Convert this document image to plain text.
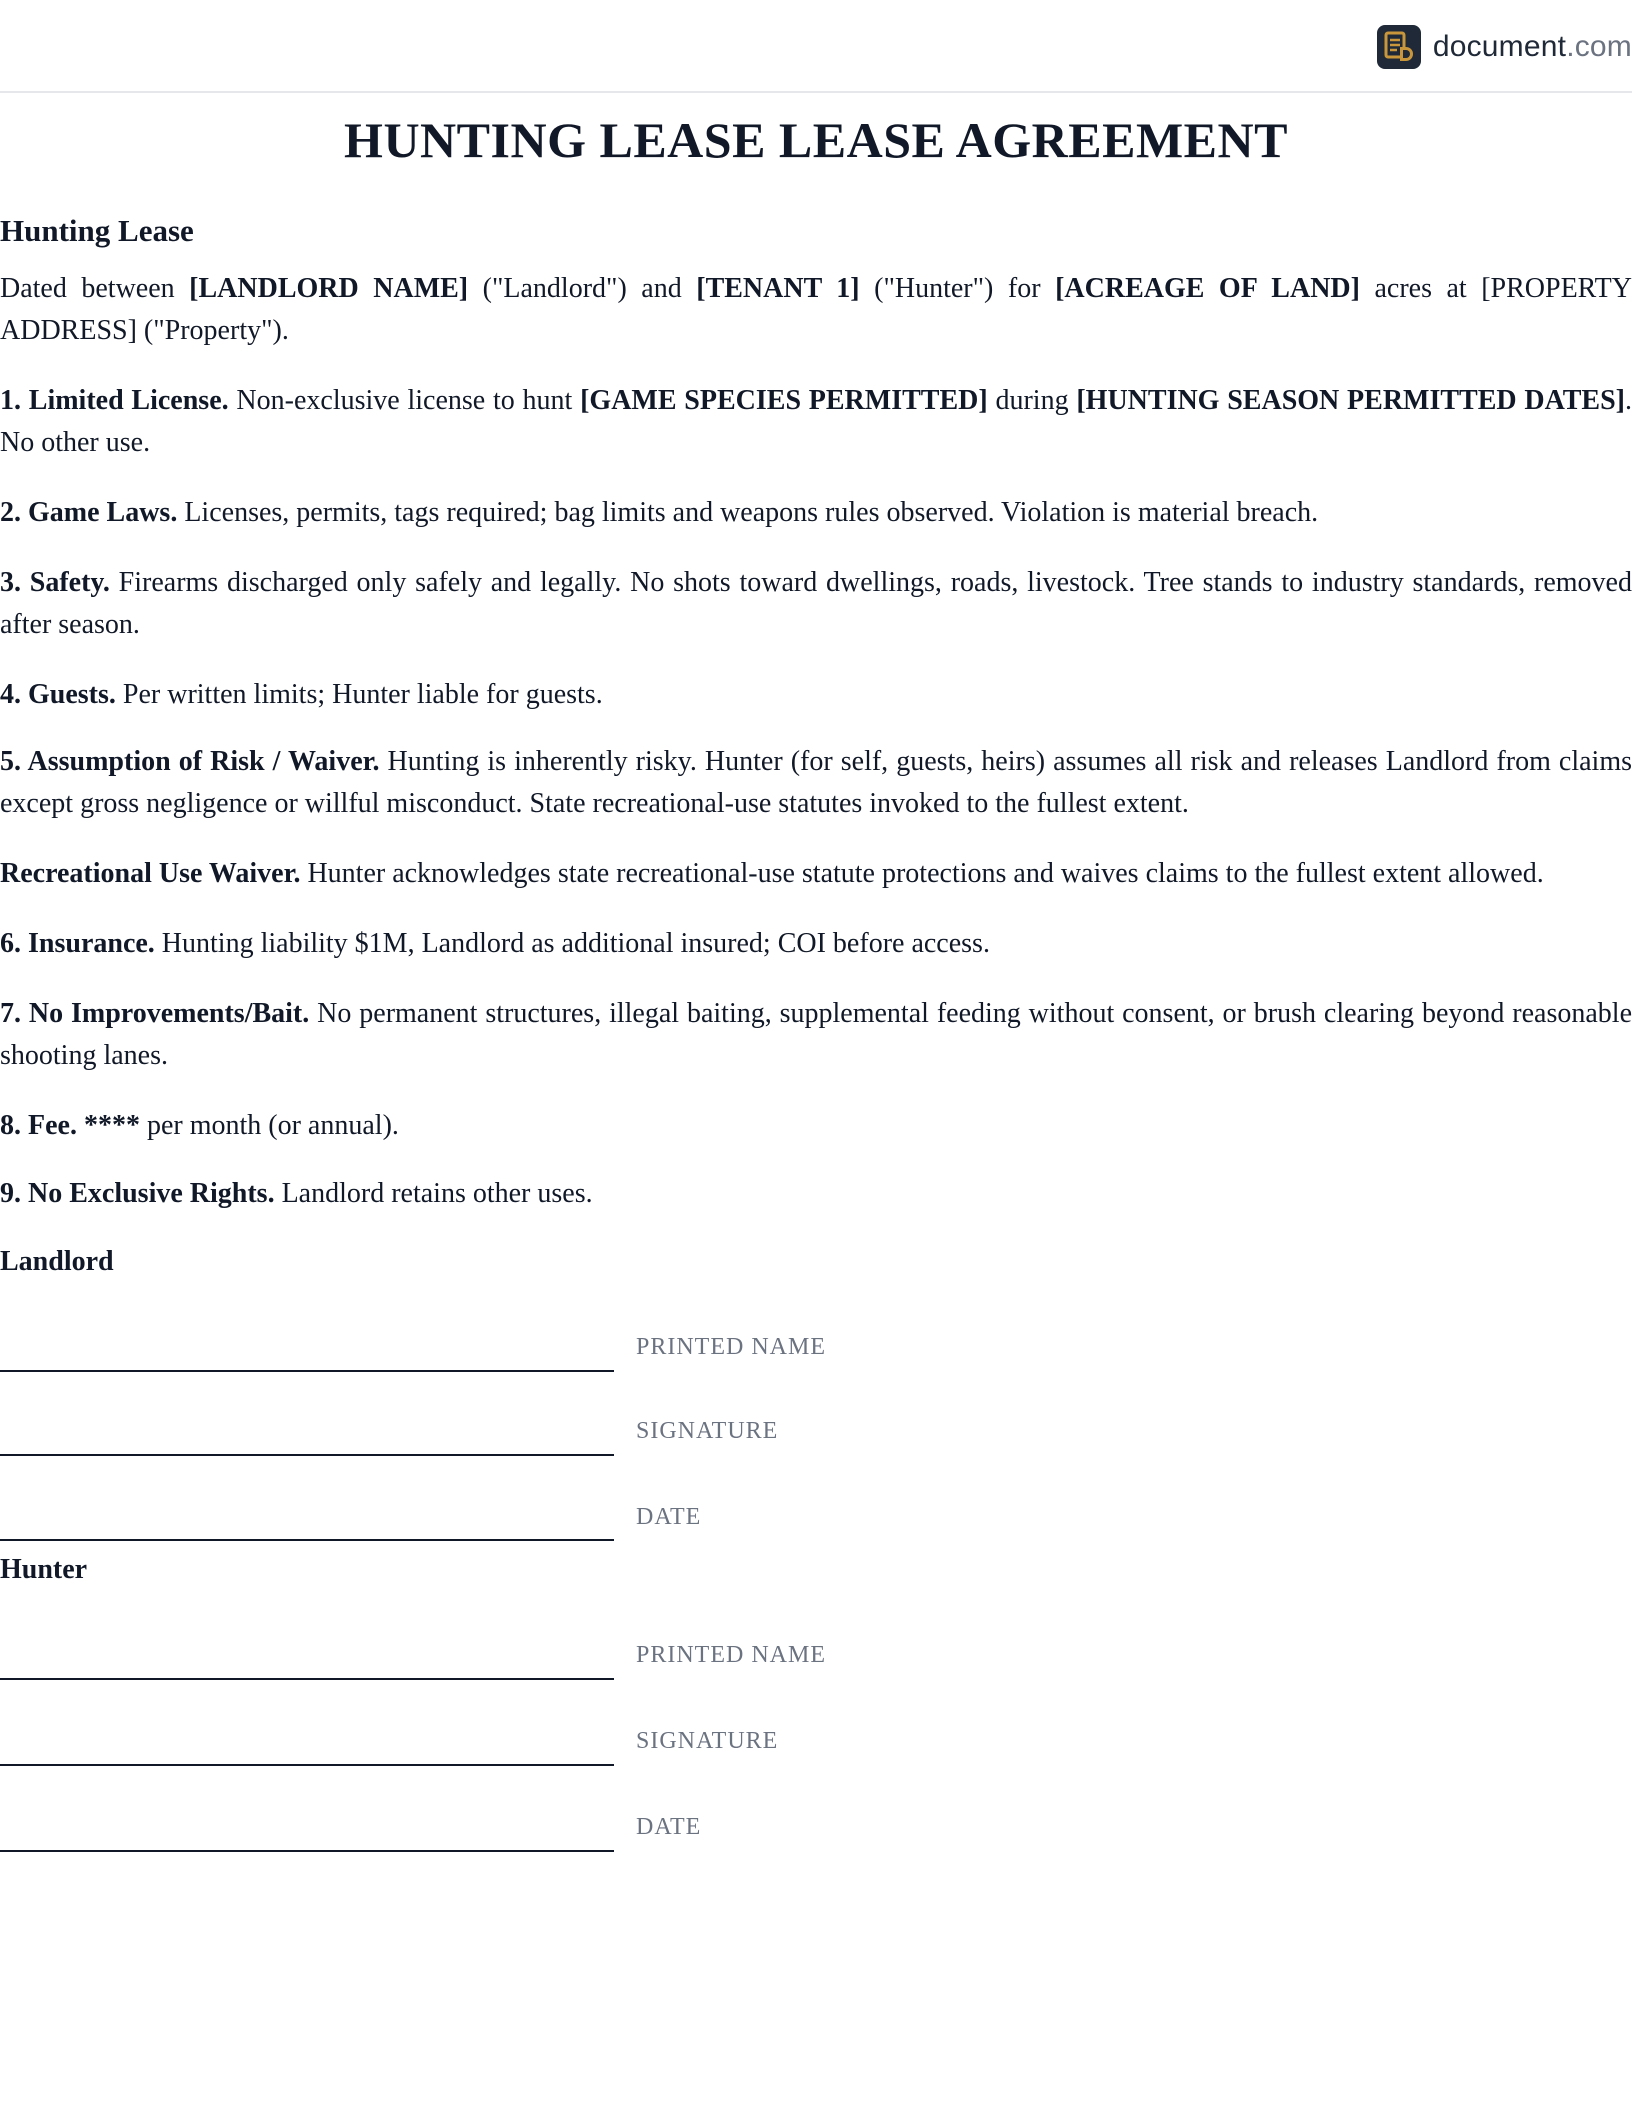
document.com
HUNTING LEASE LEASE AGREEMENT
Hunting Lease

Dated between [LANDLORD NAME] ("Landlord") and [TENANT 1] ("Hunter") for [ACREAGE OF LAND] acres at [PROPERTY ADDRESS] ("Property").

1. Limited License. Non-exclusive license to hunt [GAME SPECIES PERMITTED] during [HUNTING SEASON PERMITTED DATES]. No other use.

2. Game Laws. Licenses, permits, tags required; bag limits and weapons rules observed. Violation is material breach.

3. Safety. Firearms discharged only safely and legally. No shots toward dwellings, roads, livestock. Tree stands to industry standards, removed after season.

4. Guests. Per written limits; Hunter liable for guests.

5. Assumption of Risk / Waiver. Hunting is inherently risky. Hunter (for self, guests, heirs) assumes all risk and releases Landlord from claims except gross negligence or willful misconduct. State recreational-use statutes invoked to the fullest extent.

Recreational Use Waiver. Hunter acknowledges state recreational-use statute protections and waives claims to the fullest extent allowed.

6. Insurance. Hunting liability $1M, Landlord as additional insured; COI before access.

7. No Improvements/Bait. No permanent structures, illegal baiting, supplemental feeding without consent, or brush clearing beyond reasonable shooting lanes.

8. Fee. **** per month (or annual).

9. No Exclusive Rights. Landlord retains other uses.

Landlord
PRINTED NAME
SIGNATURE
DATE
Hunter
PRINTED NAME
SIGNATURE
DATE
